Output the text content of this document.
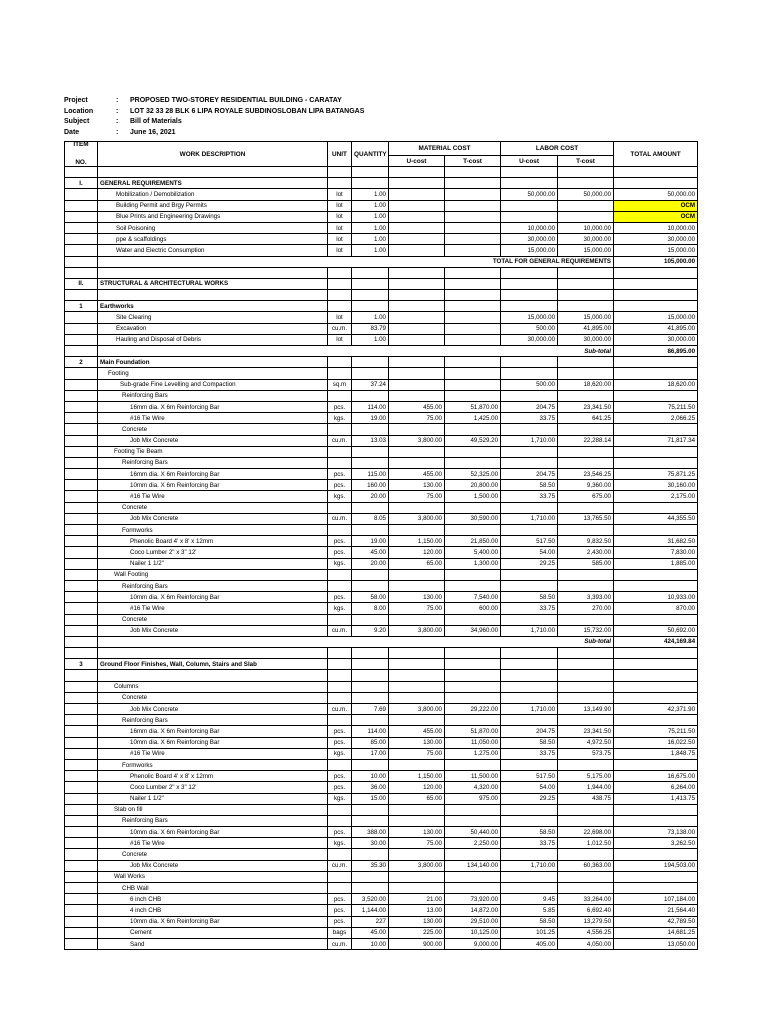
Project	:	PROPOSED TWO-STOREY RESIDENTIAL BUILDING - CARATAY
Location	:	LOT 32 33 28 BLK 6 LIPA ROYALE SUBDINOSLOBAN LIPA BATANGAS
Subject	:	Bill of Materials
Date	:	June 16, 2021
ITEM
NO.	WORK DESCRIPTION	UNIT	QUANTITY	MATERIAL COST		LABOR COST		TOTAL AMOUNT
				U-cost	T-cost	U-cost	T-cost	

I.	GENERAL REQUIREMENTS							
	Mobilization / Demobilization	lot	1.00			50,000.00	50,000.00	50,000.00
	Building Permit and Brgy Permits	lot	1.00					OCM
	Blue Prints and Engineering Drawings	lot	1.00					OCM
	Soil Poisoning	lot	1.00			10,000.00	10,000.00	10,000.00
	ppe & scaffoldings	lot	1.00			30,000.00	30,000.00	30,000.00
	Water and Electric Consumption	lot	1.00			15,000.00	15,000.00	15,000.00
	TOTAL FOR GENERAL REQUIREMENTS							105,000.00

II.	STRUCTURAL & ARCHITECTURAL WORKS							

1	Earthworks							
	Site Clearing	lot	1.00			15,000.00	15,000.00	15,000.00
	Excavation	cu.m.	83.79			500.00	41,895.00	41,895.00
	Hauling and Disposal of Debris	lot	1.00			30,000.00	30,000.00	30,000.00
	Sub-total							86,895.00
2	Main Foundation							
	Footing							
	Sub-grade Fine Levelling and Compaction	sq.m	37.24			500.00	18,620.00	18,620.00
	Reinforcing Bars							
	16mm dia. X 6m Reinforcing Bar	pcs.	114.00	455.00	51,870.00	204.75	23,341.50	75,211.50
	#16 Tie Wire	kgs.	19.00	75.00	1,425.00	33.75	641.25	2,066.25
	Concrete							
	Job Mix Concrete	cu.m.	13.03	3,800.00	49,529.20	1,710.00	22,288.14	71,817.34
	Footing Tie Beam							
	Reinforcing Bars							
	16mm dia. X 6m Reinforcing Bar	pcs.	115.00	455.00	52,325.00	204.75	23,546.25	75,871.25
	10mm dia. X 6m Reinforcing Bar	pcs.	160.00	130.00	20,800.00	58.50	9,360.00	30,160.00
	#16 Tie Wire	kgs.	20.00	75.00	1,500.00	33.75	675.00	2,175.00
	Concrete							
	Job Mix Concrete	cu.m.	8.05	3,800.00	30,590.00	1,710.00	13,765.50	44,355.50
	Formworks							
	Phenolic Board 4' x 8' x 12mm	pcs.	19.00	1,150.00	21,850.00	517.50	9,832.50	31,682.50
	Coco Lumber 2" x 3" 12'	pcs.	45.00	120.00	5,400.00	54.00	2,430.00	7,830.00
	Nailer 1 1/2"	kgs.	20.00	65.00	1,300.00	29.25	585.00	1,885.00
	Wall Footing							
	Reinforcing Bars							
	10mm dia. X 6m Reinforcing Bar	pcs.	58.00	130.00	7,540.00	58.50	3,393.00	10,933.00
	#16 Tie Wire	kgs.	8.00	75.00	600.00	33.75	270.00	870.00
	Concrete							
	Job Mix Concrete	cu.m.	9.20	3,800.00	34,960.00	1,710.00	15,732.00	50,692.00
	Sub-total							424,169.84

3	Ground Floor Finishes, Wall, Column, Stairs and Slab							

	Columns							
	Concrete							
	Job Mix Concrete	cu.m.	7.69	3,800.00	29,222.00	1,710.00	13,149.90	42,371.90
	Reinforcing Bars							
	16mm dia. X 6m Reinforcing Bar	pcs.	114.00	455.00	51,870.00	204.75	23,341.50	75,211.50
	10mm dia. X 6m Reinforcing Bar	pcs.	85.00	130.00	11,050.00	58.50	4,972.50	16,022.50
	#16 Tie Wire	kgs.	17.00	75.00	1,275.00	33.75	573.75	1,848.75
	Formworks							
	Phenolic Board 4' x 8' x 12mm	pcs.	10.00	1,150.00	11,500.00	517.50	5,175.00	16,675.00
	Coco Lumber 2" x 3" 12'	pcs.	36.00	120.00	4,320.00	54.00	1,944.00	6,264.00
	Nailer 1 1/2"	kgs.	15.00	65.00	975.00	29.25	438.75	1,413.75
	Slab on fill							
	Reinforcing Bars							
	10mm dia. X 6m Reinforcing Bar	pcs.	388.00	130.00	50,440.00	58.50	22,698.00	73,138.00
	#16 Tie Wire	kgs.	30.00	75.00	2,250.00	33.75	1,012.50	3,262.50
	Concrete							
	Job Mix Concrete	cu.m.	35.30	3,800.00	134,140.00	1,710.00	60,363.00	194,503.00
	Wall Works							
	CHB Wall							
	6 inch CHB	pcs.	3,520.00	21.00	73,920.00	9.45	33,264.00	107,184.00
	4 inch CHB	pcs.	1,144.00	13.00	14,872.00	5.85	6,692.40	21,564.40
	10mm dia. X 6m Reinforcing Bar	pcs.	227	130.00	29,510.00	58.50	13,279.50	42,789.50
	Cement	bags	45.00	225.00	10,125.00	101.25	4,556.25	14,681.25
	Sand	cu.m.	10.00	900.00	9,000.00	405.00	4,050.00	13,050.00
